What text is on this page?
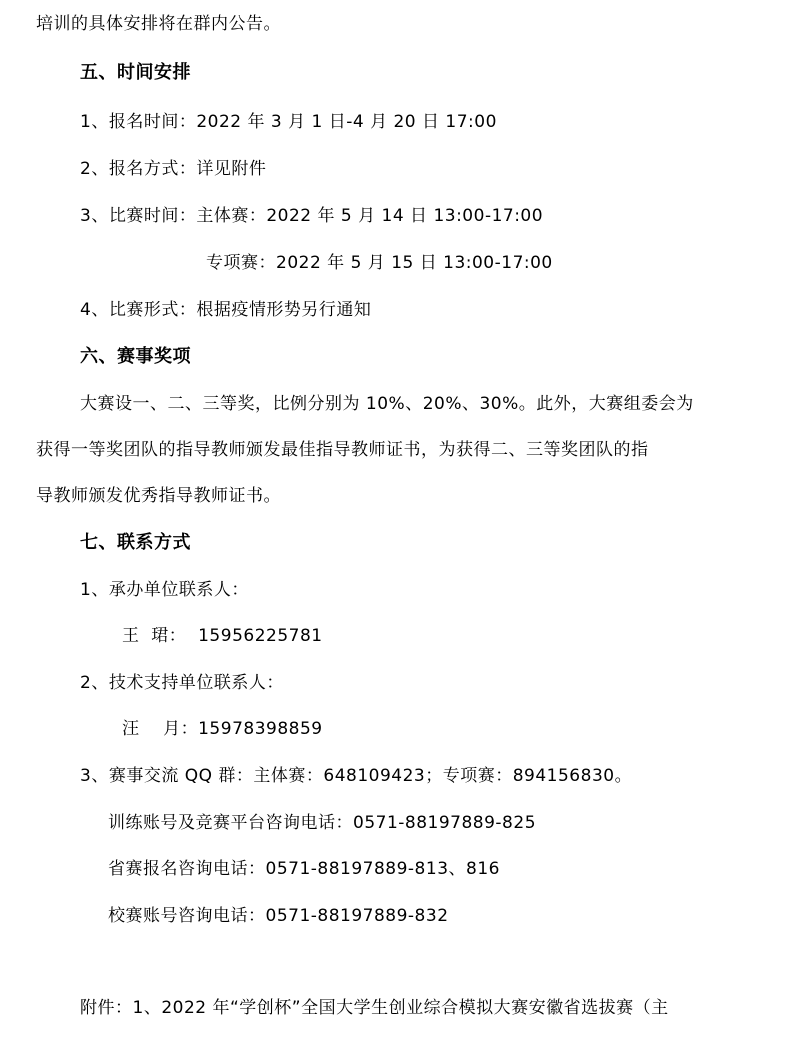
培训的具体安排将在群内公告。
五、时间安排
1、报名时间：2022 年 3 月 1 日-4 月 20 日 17:00
2、报名方式：详见附件
3、比赛时间：主体赛：2022 年 5 月 14 日 13:00-17:00
专项赛：2022 年 5 月 15 日 13:00-17:00
4、比赛形式：根据疫情形势另行通知
六、赛事奖项
大赛设一、二、三等奖，比例分别为 10%、20%、30%。此外，大赛组委会为
获得一等奖团队的指导教师颁发最佳指导教师证书，为获得二、三等奖团队的指
导教师颁发优秀指导教师证书。
七、联系方式
1、承办单位联系人：
王  珺：  15956225781
2、技术支持单位联系人：
汪    月：15978398859
3、赛事交流 QQ 群：主体赛：648109423；专项赛：894156830。
训练账号及竞赛平台咨询电话：0571-88197889-825
省赛报名咨询电话：0571-88197889-813、816
校赛账号咨询电话：0571-88197889-832
附件：1、2022 年“学创杯”全国大学生创业综合模拟大赛安徽省选拔赛（主
